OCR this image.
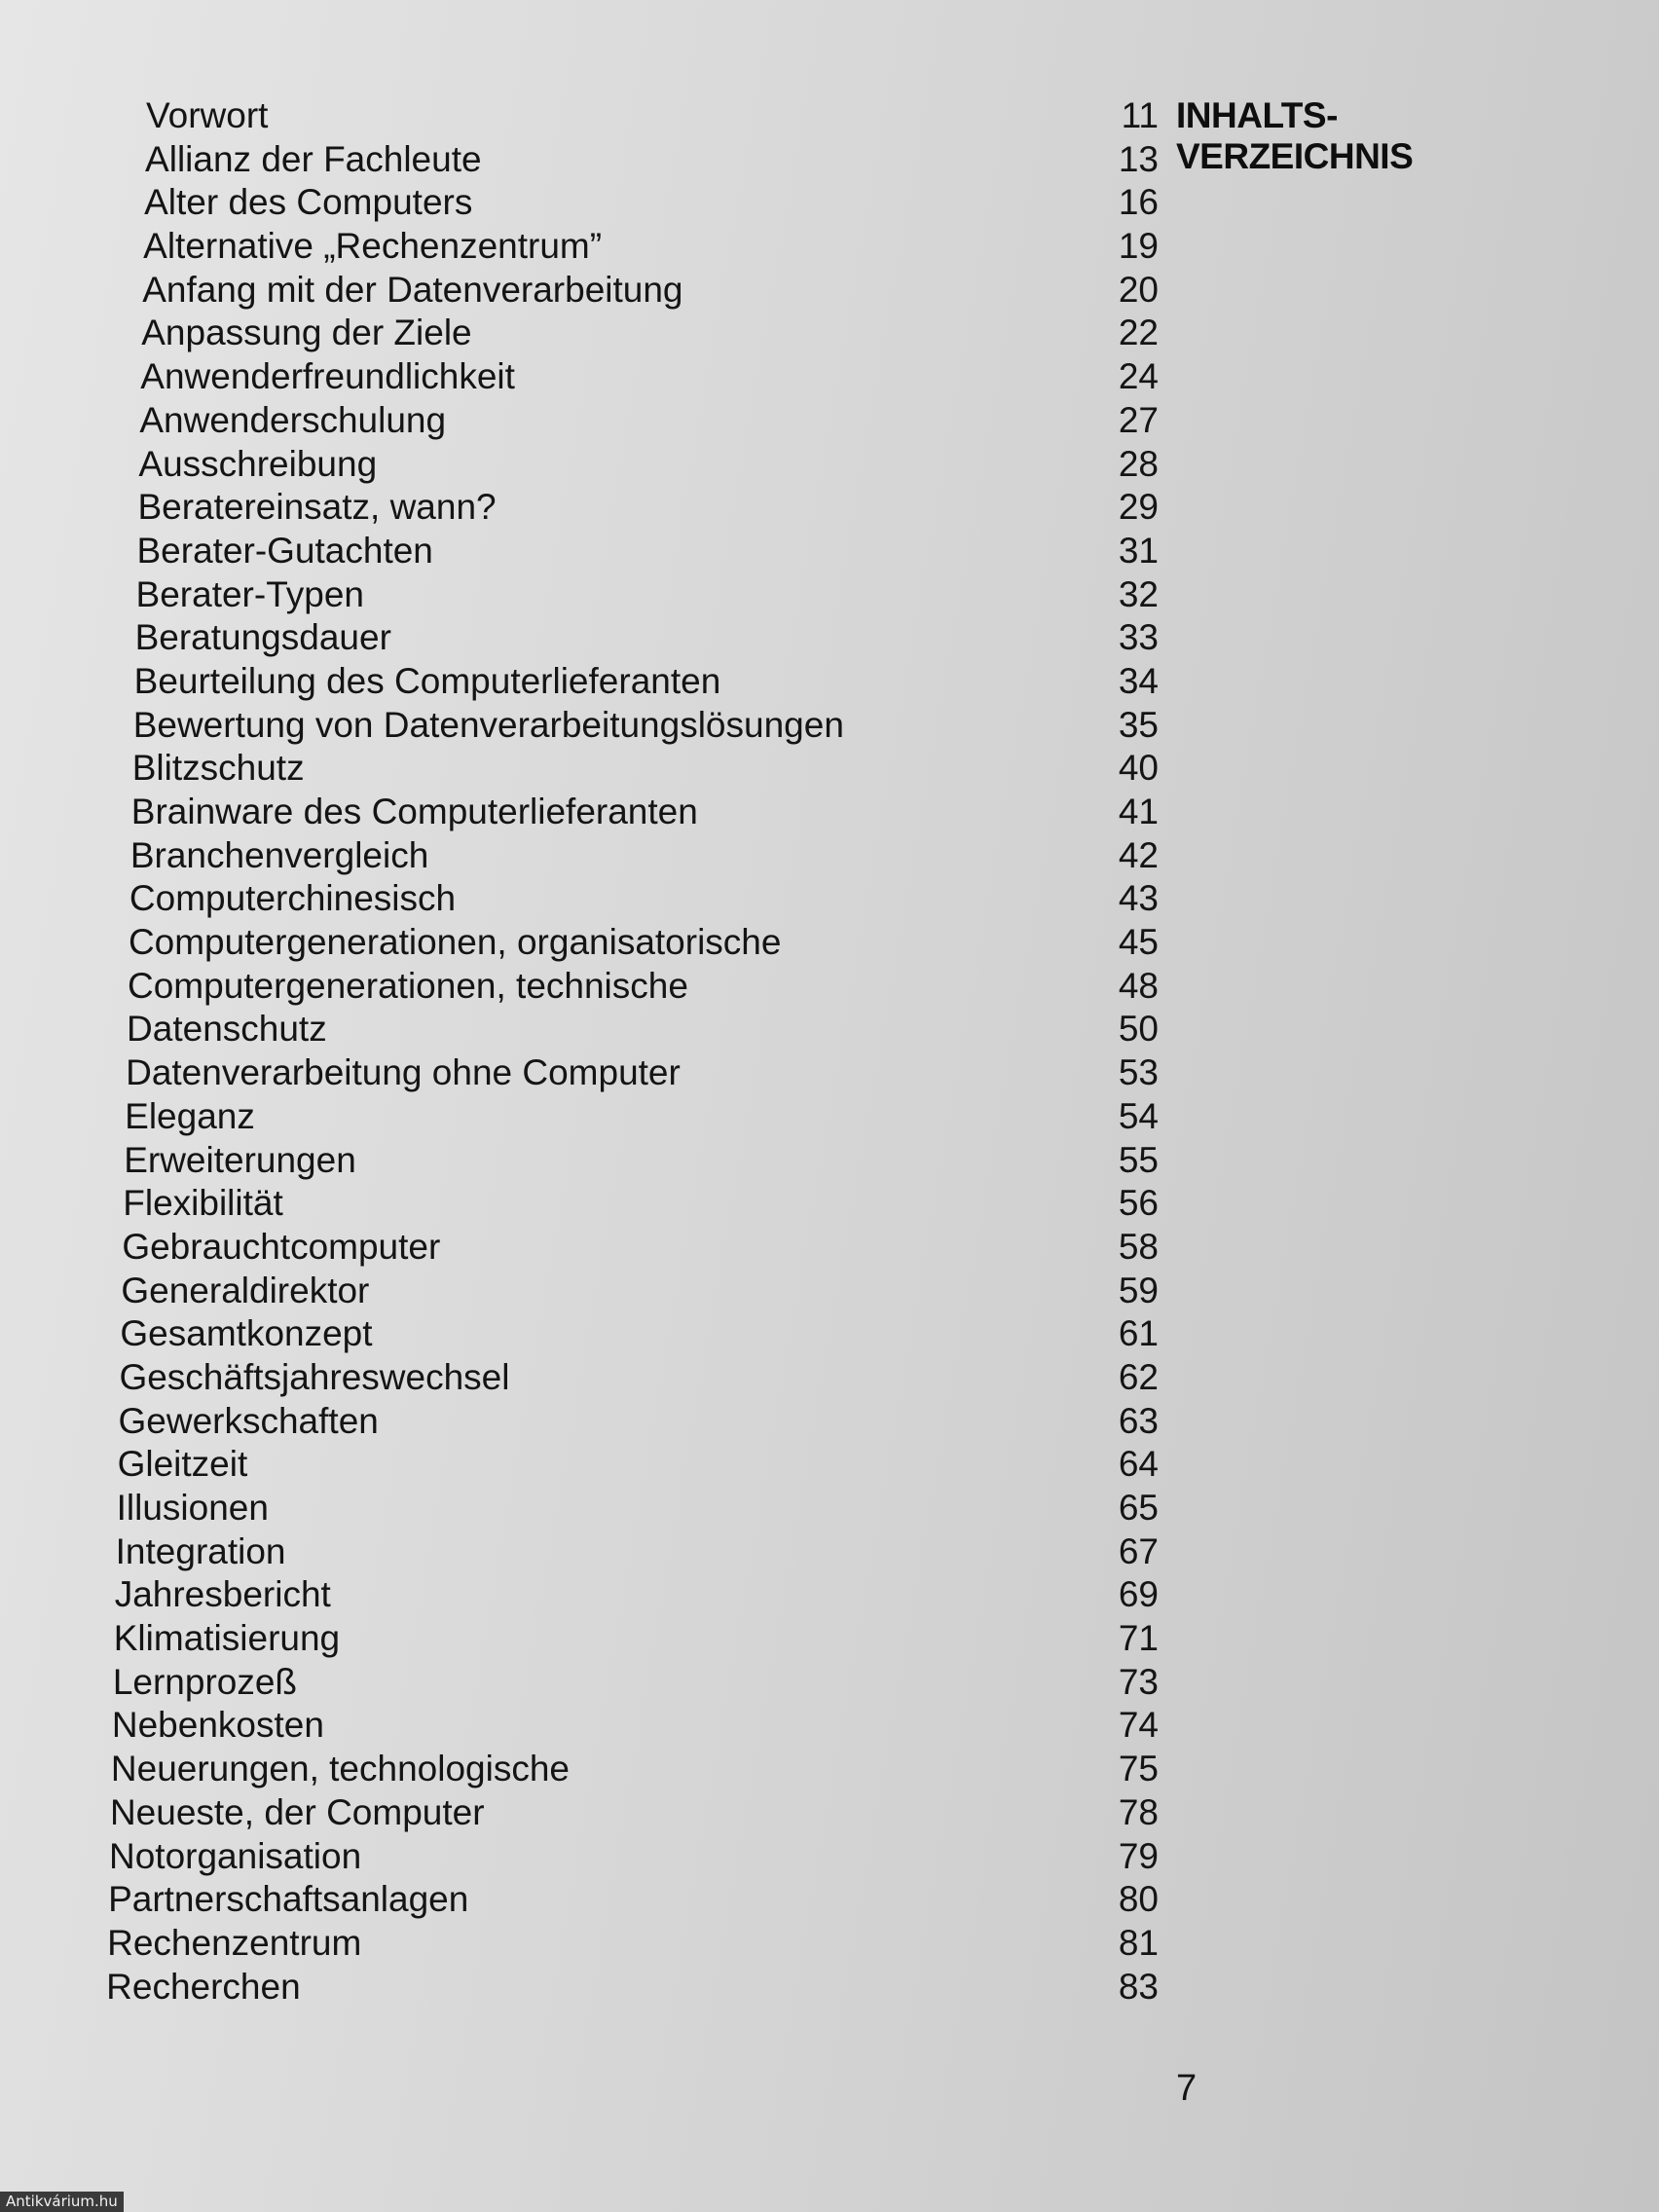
INHALTS-
VERZEICHNIS
Vorwort	11
Allianz der Fachleute	13
Alter des Computers	16
Alternative „Rechenzentrum”	19
Anfang mit der Datenverarbeitung	20
Anpassung der Ziele	22
Anwenderfreundlichkeit	24
Anwenderschulung	27
Ausschreibung	28
Beratereinsatz, wann?	29
Berater-Gutachten	31
Berater-Typen	32
Beratungsdauer	33
Beurteilung des Computerlieferanten	34
Bewertung von Datenverarbeitungslösungen	35
Blitzschutz	40
Brainware des Computerlieferanten	41
Branchenvergleich	42
Computerchinesisch	43
Computergenerationen, organisatorische	45
Computergenerationen, technische	48
Datenschutz	50
Datenverarbeitung ohne Computer	53
Eleganz	54
Erweiterungen	55
Flexibilität	56
Gebrauchtcomputer	58
Generaldirektor	59
Gesamtkonzept	61
Geschäftsjahreswechsel	62
Gewerkschaften	63
Gleitzeit	64
Illusionen	65
Integration	67
Jahresbericht	69
Klimatisierung	71
Lernprozeß	73
Nebenkosten	74
Neuerungen, technologische	75
Neueste, der Computer	78
Notorganisation	79
Partnerschaftsanlagen	80
Rechenzentrum	81
Recherchen	83
7
Antikvárium.hu
